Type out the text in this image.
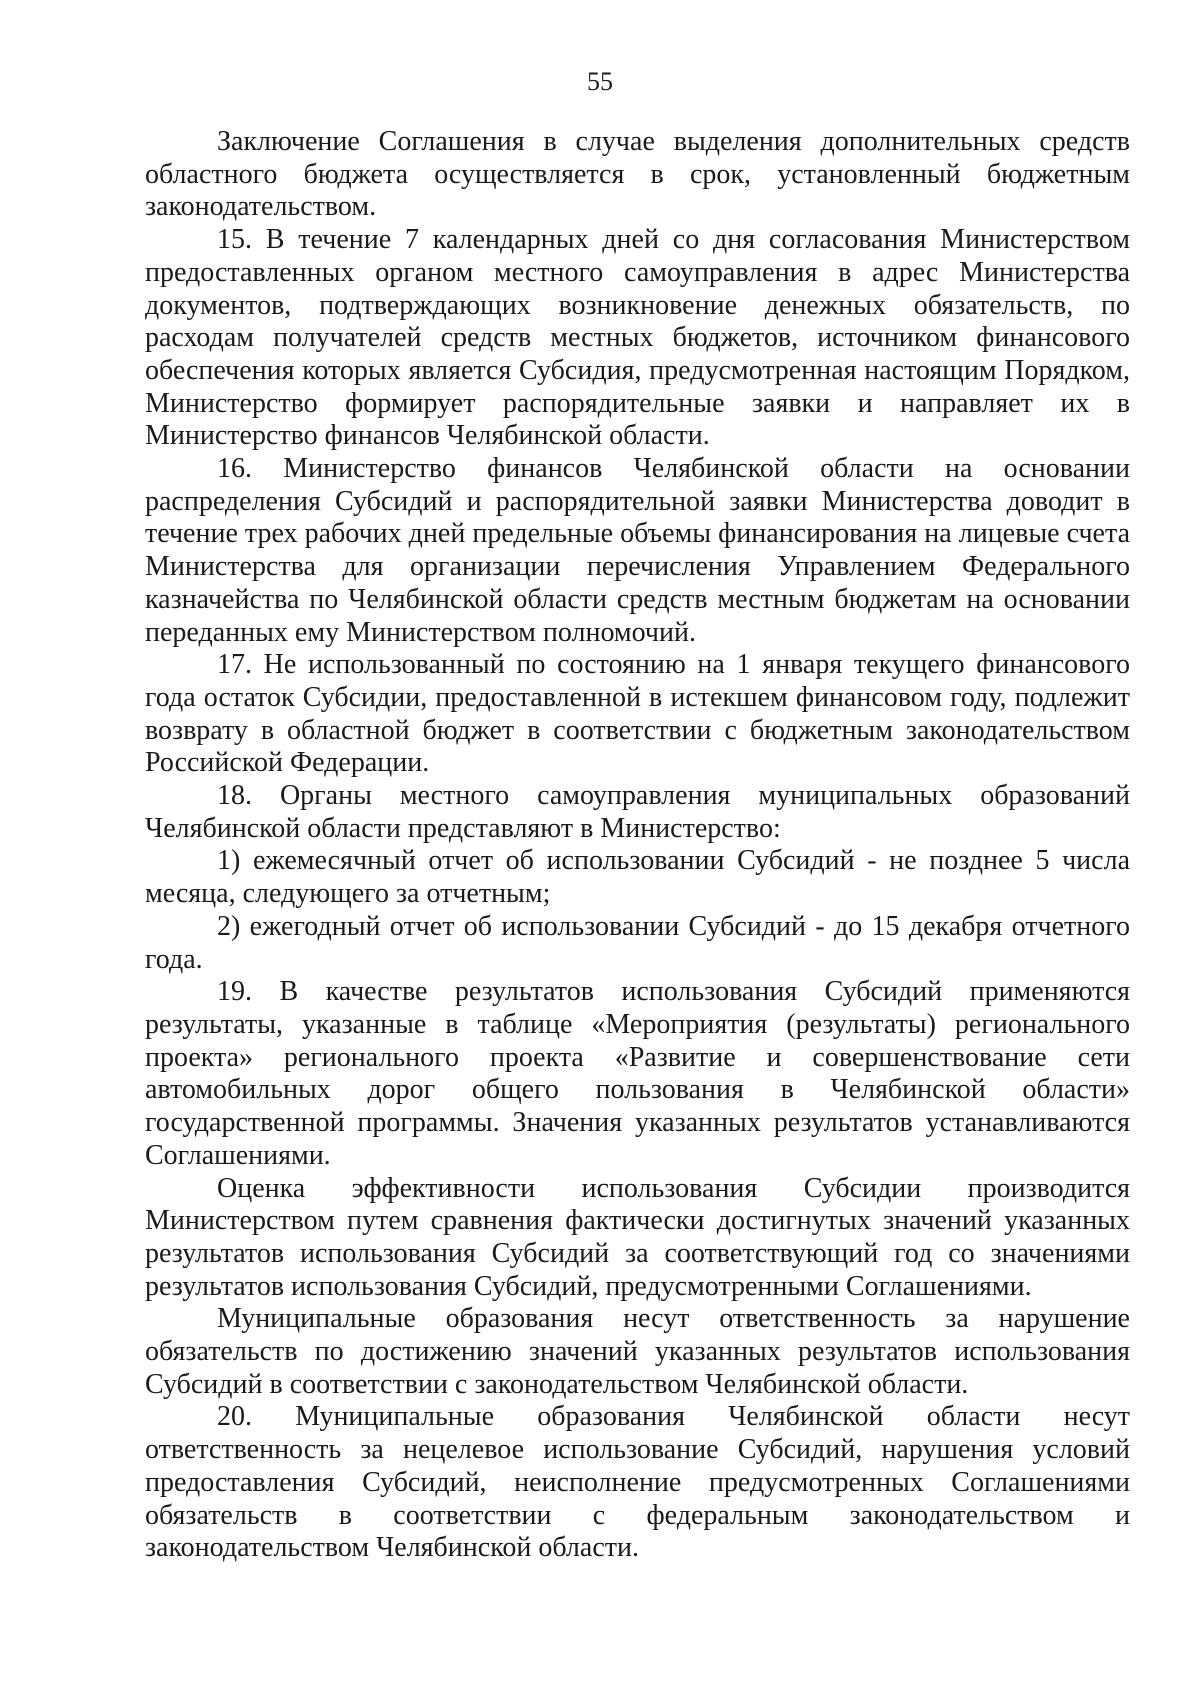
55

Заключение Соглашения в случае выделения дополнительных средств областного бюджета осуществляется в срок, установленный бюджетным законодательством.

15. В течение 7 календарных дней со дня согласования Министерством предоставленных органом местного самоуправления в адрес Министерства документов, подтверждающих возникновение денежных обязательств, по расходам получателей средств местных бюджетов, источником финансового обеспечения которых является Субсидия, предусмотренная настоящим Порядком, Министерство формирует распорядительные заявки и направляет их в Министерство финансов Челябинской области.

16. Министерство финансов Челябинской области на основании распределения Субсидий и распорядительной заявки Министерства доводит в течение трех рабочих дней предельные объемы финансирования на лицевые счета Министерства для организации перечисления Управлением Федерального казначейства по Челябинской области средств местным бюджетам на основании переданных ему Министерством полномочий.

17. Не использованный по состоянию на 1 января текущего финансового года остаток Субсидии, предоставленной в истекшем финансовом году, подлежит возврату в областной бюджет в соответствии с бюджетным законодательством Российской Федерации.

18. Органы местного самоуправления муниципальных образований Челябинской области представляют в Министерство:

1) ежемесячный отчет об использовании Субсидий - не позднее 5 числа месяца, следующего за отчетным;

2) ежегодный отчет об использовании Субсидий - до 15 декабря отчетного года.

19. В качестве результатов использования Субсидий применяются результаты, указанные в таблице «Мероприятия (результаты) регионального проекта» регионального проекта «Развитие и совершенствование сети автомобильных дорог общего пользования в Челябинской области» государственной программы. Значения указанных результатов устанавливаются Соглашениями.

Оценка эффективности использования Субсидии производится Министерством путем сравнения фактически достигнутых значений указанных результатов использования Субсидий за соответствующий год со значениями результатов использования Субсидий, предусмотренными Соглашениями.

Муниципальные образования несут ответственность за нарушение обязательств по достижению значений указанных результатов использования Субсидий в соответствии с законодательством Челябинской области.

20. Муниципальные образования Челябинской области несут ответственность за нецелевое использование Субсидий, нарушения условий предоставления Субсидий, неисполнение предусмотренных Соглашениями обязательств в соответствии с федеральным законодательством и законодательством Челябинской области.
